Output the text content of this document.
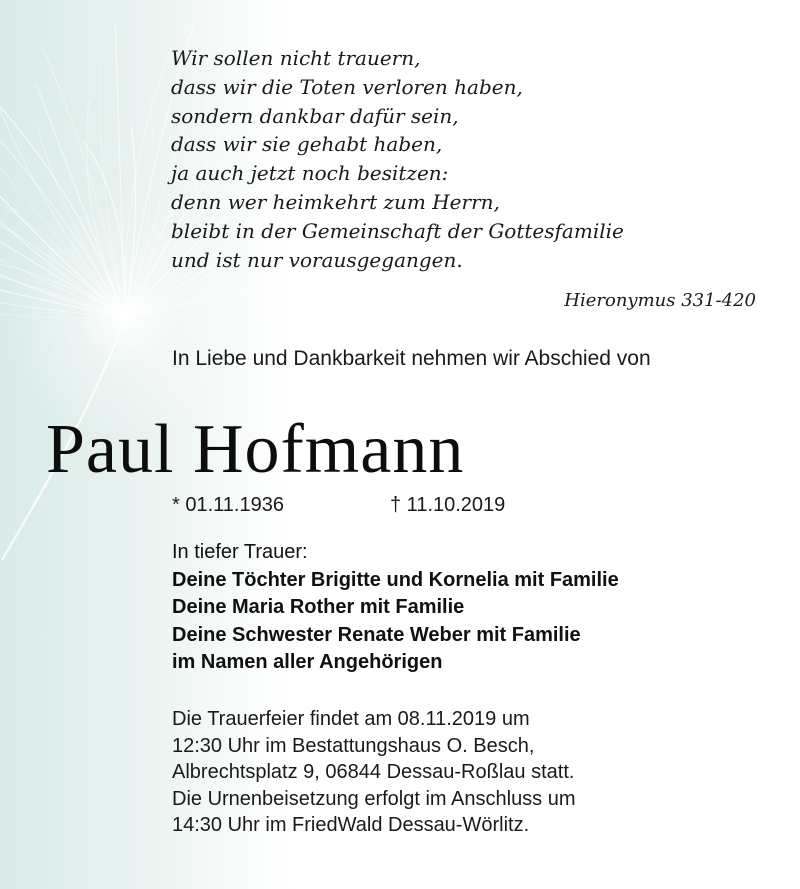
Wir sollen nicht trauern,
dass wir die Toten verloren haben,
sondern dankbar dafür sein,
dass wir sie gehabt haben,
ja auch jetzt noch besitzen:
denn wer heimkehrt zum Herrn,
bleibt in der Gemeinschaft der Gottesfamilie
und ist nur vorausgegangen.
Hieronymus 331-420
In Liebe und Dankbarkeit nehmen wir Abschied von
Paul Hofmann
* 01.11.1936	† 11.10.2019
In tiefer Trauer:
Deine Töchter Brigitte und Kornelia mit Familie
Deine Maria Rother mit Familie
Deine Schwester Renate Weber mit Familie
im Namen aller Angehörigen
Die Trauerfeier findet am 08.11.2019 um
12:30 Uhr im Bestattungshaus O. Besch,
Albrechtsplatz 9, 06844 Dessau-Roßlau statt.
Die Urnenbeisetzung erfolgt im Anschluss um
14:30 Uhr im FriedWald Dessau-Wörlitz.
